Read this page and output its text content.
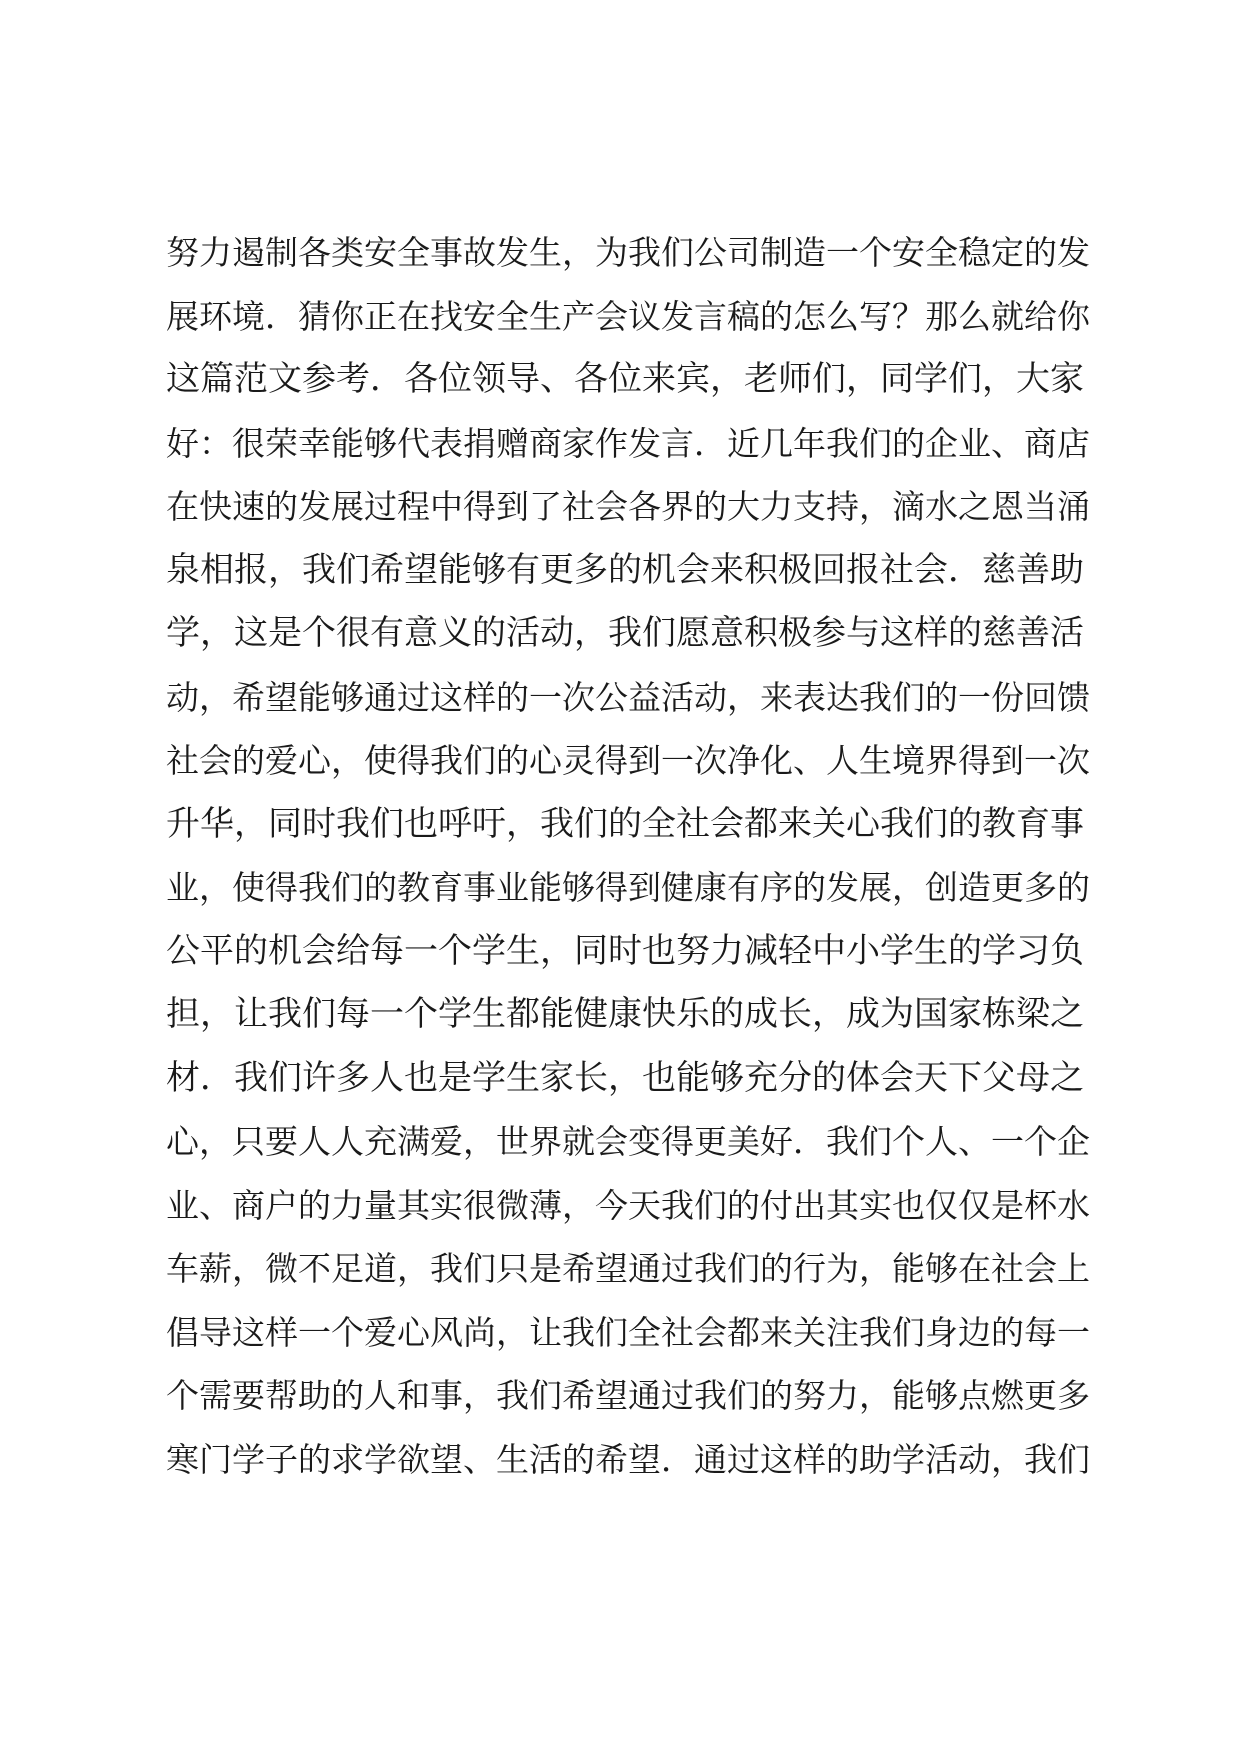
努力遏制各类安全事故发生，为我们公司制造一个安全稳定的发
展环境．猜你正在找安全生产会议发言稿的怎么写？那么就给你
这篇范文参考．各位领导、各位来宾，老师们，同学们，大家
好：很荣幸能够代表捐赠商家作发言．近几年我们的企业、商店
在快速的发展过程中得到了社会各界的大力支持，滴水之恩当涌
泉相报，我们希望能够有更多的机会来积极回报社会．慈善助
学，这是个很有意义的活动，我们愿意积极参与这样的慈善活
动，希望能够通过这样的一次公益活动，来表达我们的一份回馈
社会的爱心，使得我们的心灵得到一次净化、人生境界得到一次
升华，同时我们也呼吁，我们的全社会都来关心我们的教育事
业，使得我们的教育事业能够得到健康有序的发展，创造更多的
公平的机会给每一个学生，同时也努力减轻中小学生的学习负
担，让我们每一个学生都能健康快乐的成长，成为国家栋梁之
材．我们许多人也是学生家长，也能够充分的体会天下父母之
心，只要人人充满爱，世界就会变得更美好．我们个人、一个企
业、商户的力量其实很微薄，今天我们的付出其实也仅仅是杯水
车薪，微不足道，我们只是希望通过我们的行为，能够在社会上
倡导这样一个爱心风尚，让我们全社会都来关注我们身边的每一
个需要帮助的人和事，我们希望通过我们的努力，能够点燃更多
寒门学子的求学欲望、生活的希望．通过这样的助学活动，我们
